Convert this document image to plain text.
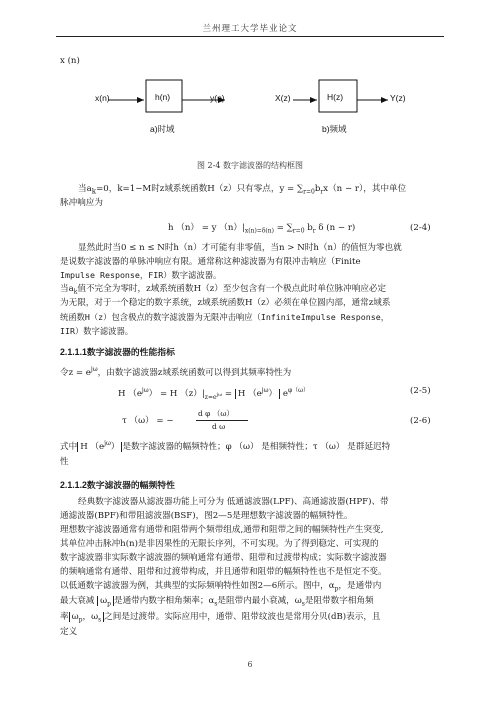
兰州理工大学毕业论文
x (n)
x(n)	h(n)	y(n)
a)时域
X(z)	H(z)	Y(z)
b)频域
图 2-4 数字滤波器的结构框图
当$a_k=0$，k=1−M时z域系统函数H（z）只有零点，$y = \sum_{r=0}b_rx(n - r)$，其中单位
脉冲响应为
h （n） = y $(n)|_{x(n)=\delta(n)} = \sum_{r=0}$ $b_r$ δ (n − r)	(2-4)
显然此时当0 ≤ n ≤ N时h（n）才可能有非零值，当n > N时h（n）的值恒为零也就
是说数字滤波器的单脉冲响应有限。通常称这种滤波器为有限冲击响应（Finite
Impulse Response，FIR）数字滤波器。
当$a_k$值不完全为零时，z域系统函数H（z）至少包含有一个极点此时单位脉冲响应必定
为无限，对于一个稳定的数字系统，z域系统函数H（z）必须在单位圆内部，通常z域系
统函数H（z）包含极点的数字滤波器为无限冲击响应（InfiniteImpulse Response，
IIR）数字滤波器。
2.1.1.1数字滤波器的性能指标
令$z = e^{j\omega}$，由数字滤波器z域系统函数可以得到其频率特性为
H $(e^{j\omega}) = H$ $(z)|_{z=e^{j\omega}} = H$ $(e^{j\omega})$ $e^{\varphi(\omega)}$	(2-5)
τ （ω） = −
d φ （ω）
d ω
(2-6)
式中 H $(e^{j\omega})$ 是数字滤波器的幅频特性；φ （ω） 是相频特性；τ （ω） 是群延迟特
性
2.1.1.2数字滤波器的幅频特性
经典数字滤波器从滤波器功能上可分为 低通滤波器(LPF)、高通滤波器(HPF)、带
通滤波器(BPF)和带阻滤波器(BSF)，图2—5是理想数字滤波器的幅频特性。
理想数字滤波器通常有通带和阻带两个频带组成,通带和阻带之间的幅频特性产生突变,
其单位冲击脉冲h(n)是非因果性的无限长序列，不可实现。为了得到稳定、可实现的
数字滤波器非实际数字滤波器的频响通常有通带、阻带和过渡带构成；实际数字滤波器
的频响通常有通带、阻带和过渡带构成，并且通带和阻带的幅频特性也不是恒定不变。
以低通数字滤波器为例，其典型的实际频响特性如图2—6所示。图中，$\alpha_p$，是通带内
最大衰减 $\omega_p$ 是通带内数字相角频率；$\alpha_s$是阻带内最小衰减，$\omega_s$是阻带数字相角频
率 $\omega_p$，$\omega_s$ 之间是过渡带。实际应用中，通带、阻带纹波也是常用分贝(dB)表示，且
定义
6
